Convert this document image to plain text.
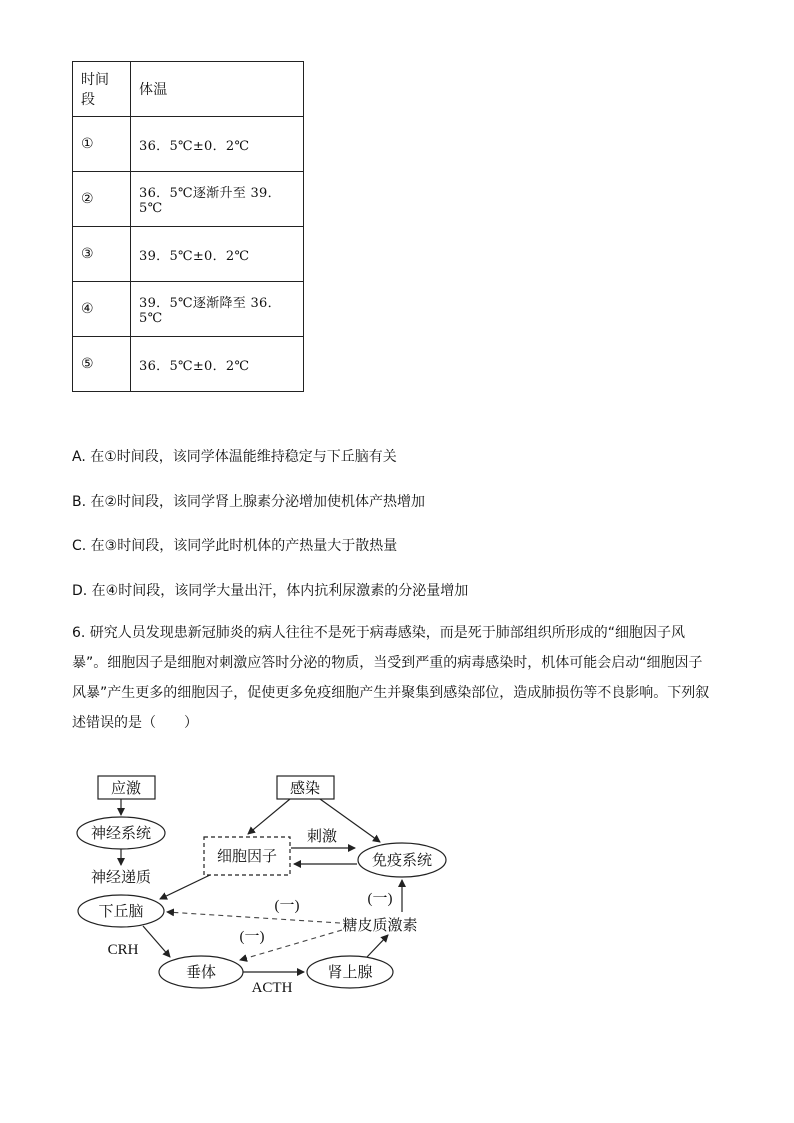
时间段	体温
①	36．5℃±0．2℃
②	36．5℃逐渐升至 39．5℃
③	39．5℃±0．2℃
④	39．5℃逐渐降至 36．5℃
⑤	36．5℃±0．2℃
A. 在①时间段，该同学体温能维持稳定与下丘脑有关
B. 在②时间段，该同学肾上腺素分泌增加使机体产热增加
C. 在③时间段，该同学此时机体的产热量大于散热量
D. 在④时间段，该同学大量出汗，体内抗利尿激素的分泌量增加
6. 研究人员发现患新冠肺炎的病人往往不是死于病毒感染，而是死于肺部组织所形成的“细胞因子风
暴”。细胞因子是细胞对刺激应答时分泌的物质，当受到严重的病毒感染时，机体可能会启动“细胞因子
风暴”产生更多的细胞因子，促使更多免疫细胞产生并聚集到感染部位，造成肺损伤等不良影响。下列叙
述错误的是（　　）
应激	感染
神经系统
神经递质
细胞因子
刺激
免疫系统
下丘脑
糖皮质激素
(一)
(一)
(一)
CRH
垂体
ACTH
肾上腺
